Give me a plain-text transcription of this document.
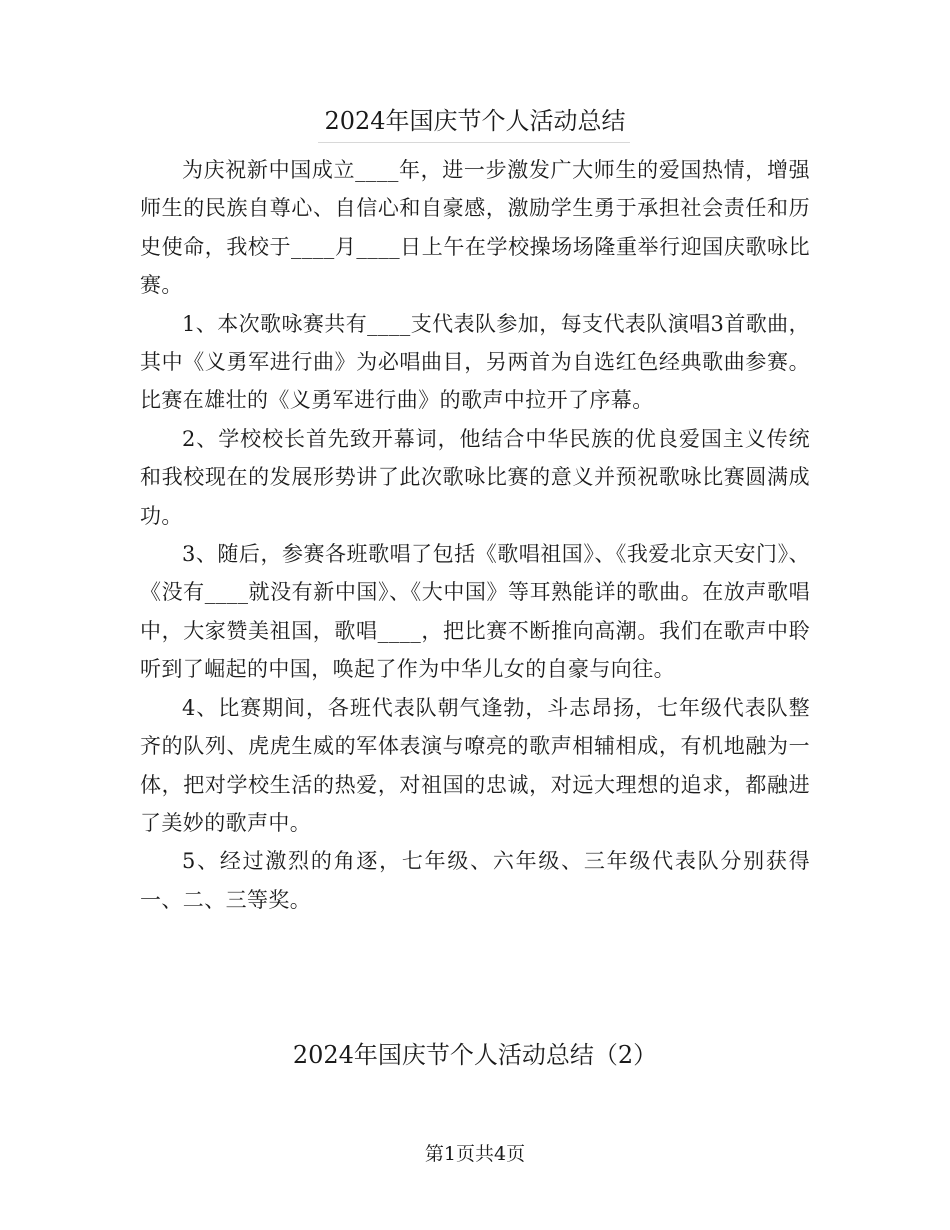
2024年国庆节个人活动总结

为庆祝新中国成立____年，进一步激发广大师生的爱国热情，增强师生的民族自尊心、自信心和自豪感，激励学生勇于承担社会责任和历史使命，我校于____月____日上午在学校操场场隆重举行迎国庆歌咏比赛。

1、本次歌咏赛共有____支代表队参加，每支代表队演唱3首歌曲，其中《义勇军进行曲》为必唱曲目，另两首为自选红色经典歌曲参赛。比赛在雄壮的《义勇军进行曲》的歌声中拉开了序幕。

2、学校校长首先致开幕词，他结合中华民族的优良爱国主义传统和我校现在的发展形势讲了此次歌咏比赛的意义并预祝歌咏比赛圆满成功。

3、随后，参赛各班歌唱了包括《歌唱祖国》、《我爱北京天安门》、《没有____就没有新中国》、《大中国》等耳熟能详的歌曲。在放声歌唱中，大家赞美祖国，歌唱____，把比赛不断推向高潮。我们在歌声中聆听到了崛起的中国，唤起了作为中华儿女的自豪与向往。

4、比赛期间，各班代表队朝气逢勃，斗志昂扬，七年级代表队整齐的队列、虎虎生威的军体表演与嘹亮的歌声相辅相成，有机地融为一体，把对学校生活的热爱，对祖国的忠诚，对远大理想的追求，都融进了美妙的歌声中。

5、经过激烈的角逐，七年级、六年级、三年级代表队分别获得一、二、三等奖。

2024年国庆节个人活动总结（2）
第1页共4页
